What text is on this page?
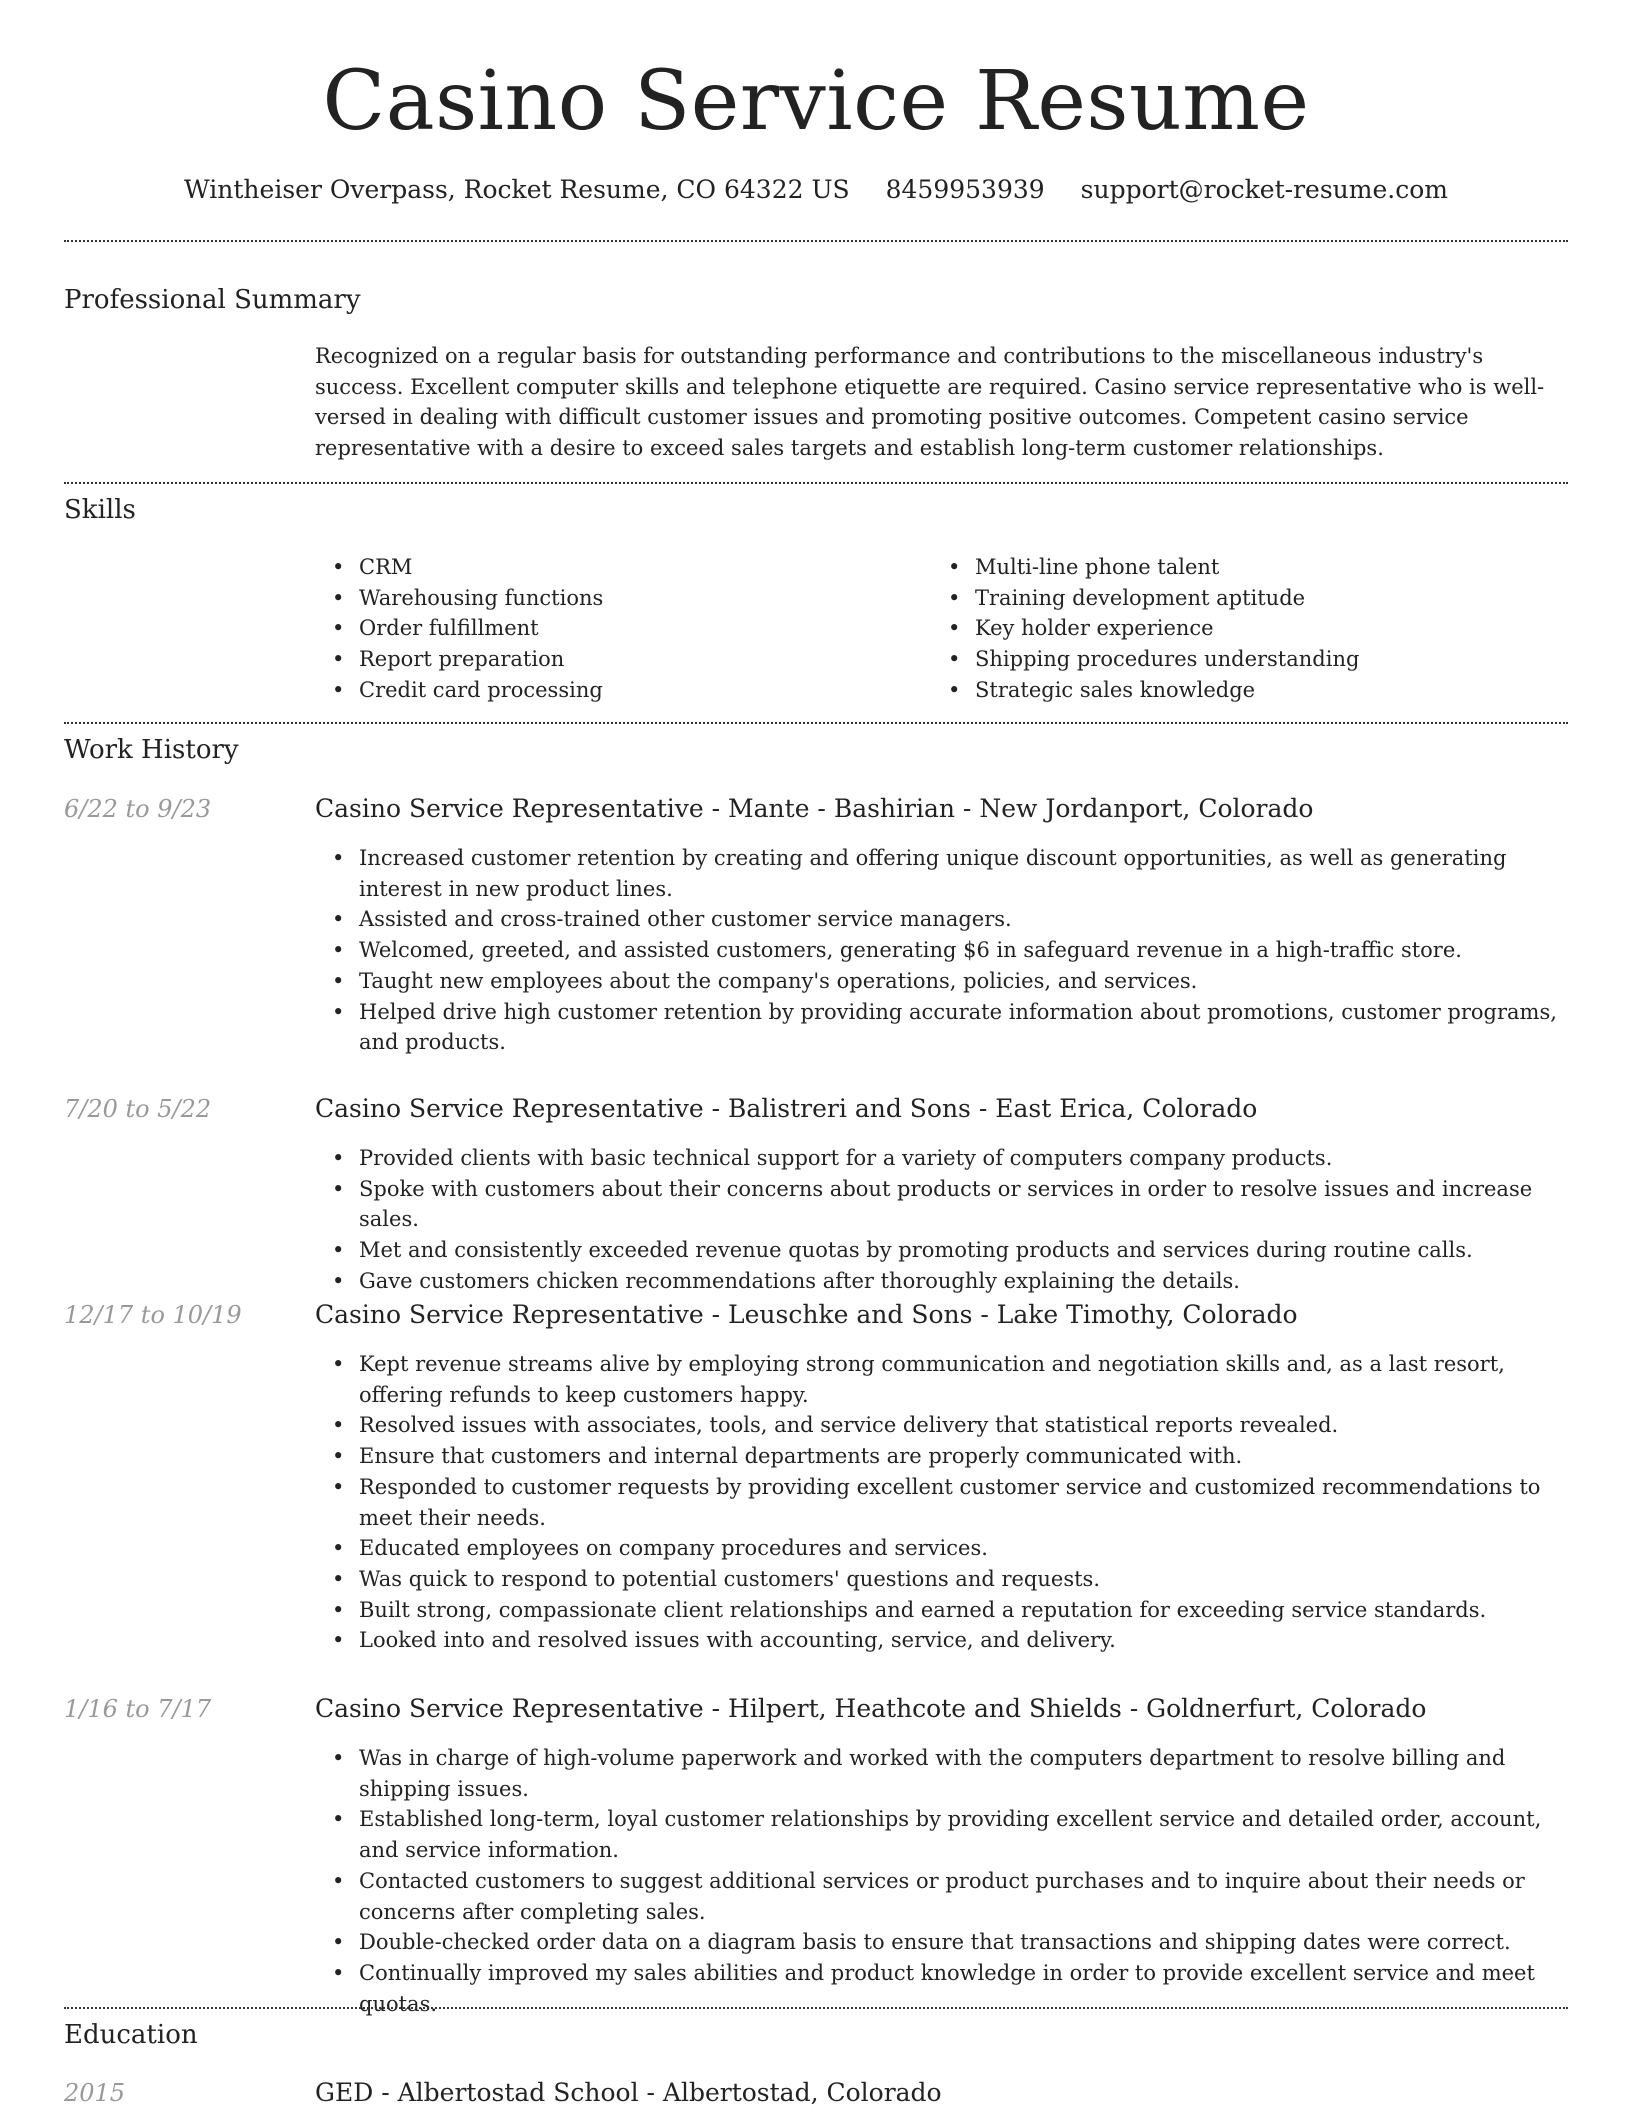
Casino Service Resume
Wintheiser Overpass, Rocket Resume, CO 64322 US 8459953939 support@rocket-resume.com
Professional Summary

Recognized on a regular basis for outstanding performance and contributions to the miscellaneous industry's success. Excellent computer skills and telephone etiquette are required. Casino service representative who is well-versed in dealing with difficult customer issues and promoting positive outcomes. Competent casino service representative with a desire to exceed sales targets and establish long-term customer relationships.

Skills
• CRM
• Warehousing functions
• Order fulfillment
• Report preparation
• Credit card processing
• Multi-line phone talent
• Training development aptitude
• Key holder experience
• Shipping procedures understanding
• Strategic sales knowledge
Work History
6/22 to 9/23	Casino Service Representative - Mante - Bashirian - New Jordanport, Colorado
• Increased customer retention by creating and offering unique discount opportunities, as well as generating interest in new product lines.
• Assisted and cross-trained other customer service managers.
• Welcomed, greeted, and assisted customers, generating $6 in safeguard revenue in a high-traffic store.
• Taught new employees about the company's operations, policies, and services.
• Helped drive high customer retention by providing accurate information about promotions, customer programs, and products.
7/20 to 5/22	Casino Service Representative - Balistreri and Sons - East Erica, Colorado
• Provided clients with basic technical support for a variety of computers company products.
• Spoke with customers about their concerns about products or services in order to resolve issues and increase sales.
• Met and consistently exceeded revenue quotas by promoting products and services during routine calls.
• Gave customers chicken recommendations after thoroughly explaining the details.
12/17 to 10/19	Casino Service Representative - Leuschke and Sons - Lake Timothy, Colorado
• Kept revenue streams alive by employing strong communication and negotiation skills and, as a last resort, offering refunds to keep customers happy.
• Resolved issues with associates, tools, and service delivery that statistical reports revealed.
• Ensure that customers and internal departments are properly communicated with.
• Responded to customer requests by providing excellent customer service and customized recommendations to meet their needs.
• Educated employees on company procedures and services.
• Was quick to respond to potential customers' questions and requests.
• Built strong, compassionate client relationships and earned a reputation for exceeding service standards.
• Looked into and resolved issues with accounting, service, and delivery.
1/16 to 7/17	Casino Service Representative - Hilpert, Heathcote and Shields - Goldnerfurt, Colorado
• Was in charge of high-volume paperwork and worked with the computers department to resolve billing and shipping issues.
• Established long-term, loyal customer relationships by providing excellent service and detailed order, account, and service information.
• Contacted customers to suggest additional services or product purchases and to inquire about their needs or concerns after completing sales.
• Double-checked order data on a diagram basis to ensure that transactions and shipping dates were correct.
• Continually improved my sales abilities and product knowledge in order to provide excellent service and meet quotas.
Education
2015	GED - Albertostad School - Albertostad, Colorado
